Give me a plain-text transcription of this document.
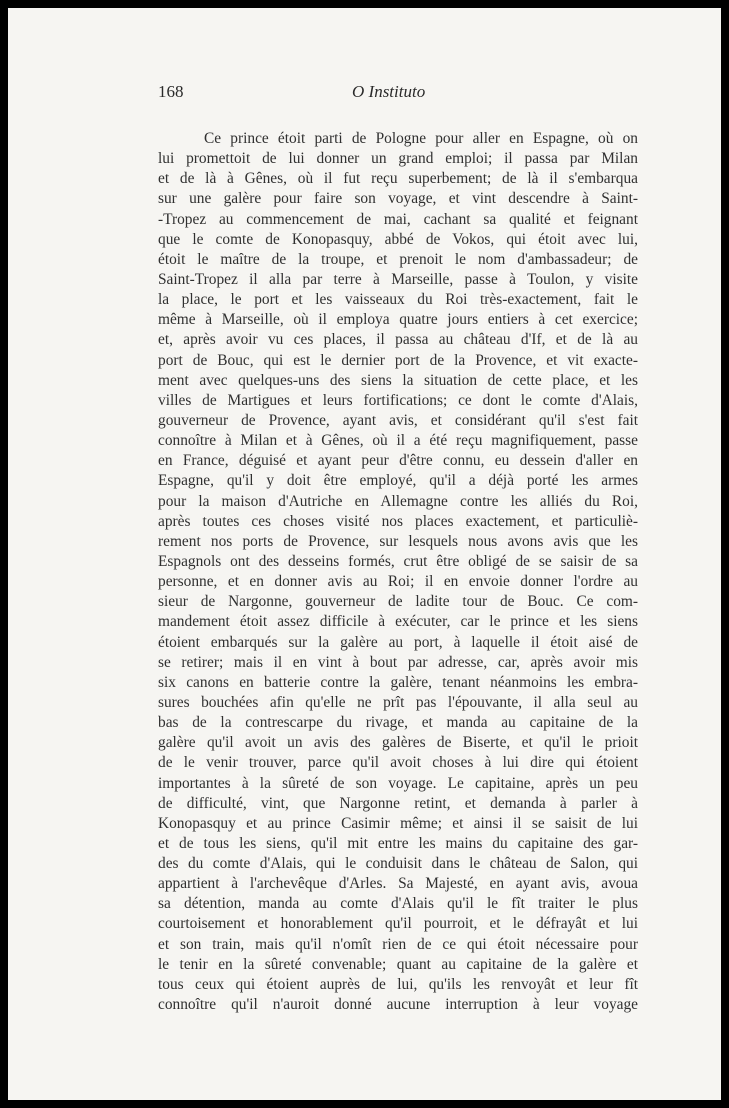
168	O Instituto
Ce prince étoit parti de Pologne pour aller en Espagne, où on
lui promettoit de lui donner un grand emploi; il passa par Milan
et de là à Gênes, où il fut reçu superbement; de là il s'embarqua
sur une galère pour faire son voyage, et vint descendre à Saint-
-Tropez au commencement de mai, cachant sa qualité et feignant
que le comte de Konopasquy, abbé de Vokos, qui étoit avec lui,
étoit le maître de la troupe, et prenoit le nom d'ambassadeur; de
Saint-Tropez il alla par terre à Marseille, passe à Toulon, y visite
la place, le port et les vaisseaux du Roi très-exactement, fait le
même à Marseille, où il employa quatre jours entiers à cet exercice;
et, après avoir vu ces places, il passa au château d'If, et de là au
port de Bouc, qui est le dernier port de la Provence, et vit exacte-
ment avec quelques-uns des siens la situation de cette place, et les
villes de Martigues et leurs fortifications; ce dont le comte d'Alais,
gouverneur de Provence, ayant avis, et considérant qu'il s'est fait
connoître à Milan et à Gênes, où il a été reçu magnifiquement, passe
en France, déguisé et ayant peur d'être connu, eu dessein d'aller en
Espagne, qu'il y doit être employé, qu'il a déjà porté les armes
pour la maison d'Autriche en Allemagne contre les alliés du Roi,
après toutes ces choses visité nos places exactement, et particuliè-
rement nos ports de Provence, sur lesquels nous avons avis que les
Espagnols ont des desseins formés, crut être obligé de se saisir de sa
personne, et en donner avis au Roi; il en envoie donner l'ordre au
sieur de Nargonne, gouverneur de ladite tour de Bouc. Ce com-
mandement étoit assez difficile à exécuter, car le prince et les siens
étoient embarqués sur la galère au port, à laquelle il étoit aisé de
se retirer; mais il en vint à bout par adresse, car, après avoir mis
six canons en batterie contre la galère, tenant néanmoins les embra-
sures bouchées afin qu'elle ne prît pas l'épouvante, il alla seul au
bas de la contrescarpe du rivage, et manda au capitaine de la
galère qu'il avoit un avis des galères de Biserte, et qu'il le prioit
de le venir trouver, parce qu'il avoit choses à lui dire qui étoient
importantes à la sûreté de son voyage. Le capitaine, après un peu
de difficulté, vint, que Nargonne retint, et demanda à parler à
Konopasquy et au prince Casimir même; et ainsi il se saisit de lui
et de tous les siens, qu'il mit entre les mains du capitaine des gar-
des du comte d'Alais, qui le conduisit dans le château de Salon, qui
appartient à l'archevêque d'Arles. Sa Majesté, en ayant avis, avoua
sa détention, manda au comte d'Alais qu'il le fît traiter le plus
courtoisement et honorablement qu'il pourroit, et le défrayât et lui
et son train, mais qu'il n'omît rien de ce qui étoit nécessaire pour
le tenir en la sûreté convenable; quant au capitaine de la galère et
tous ceux qui étoient auprès de lui, qu'ils les renvoyât et leur fît
connoître qu'il n'auroit donné aucune interruption à leur voyage
